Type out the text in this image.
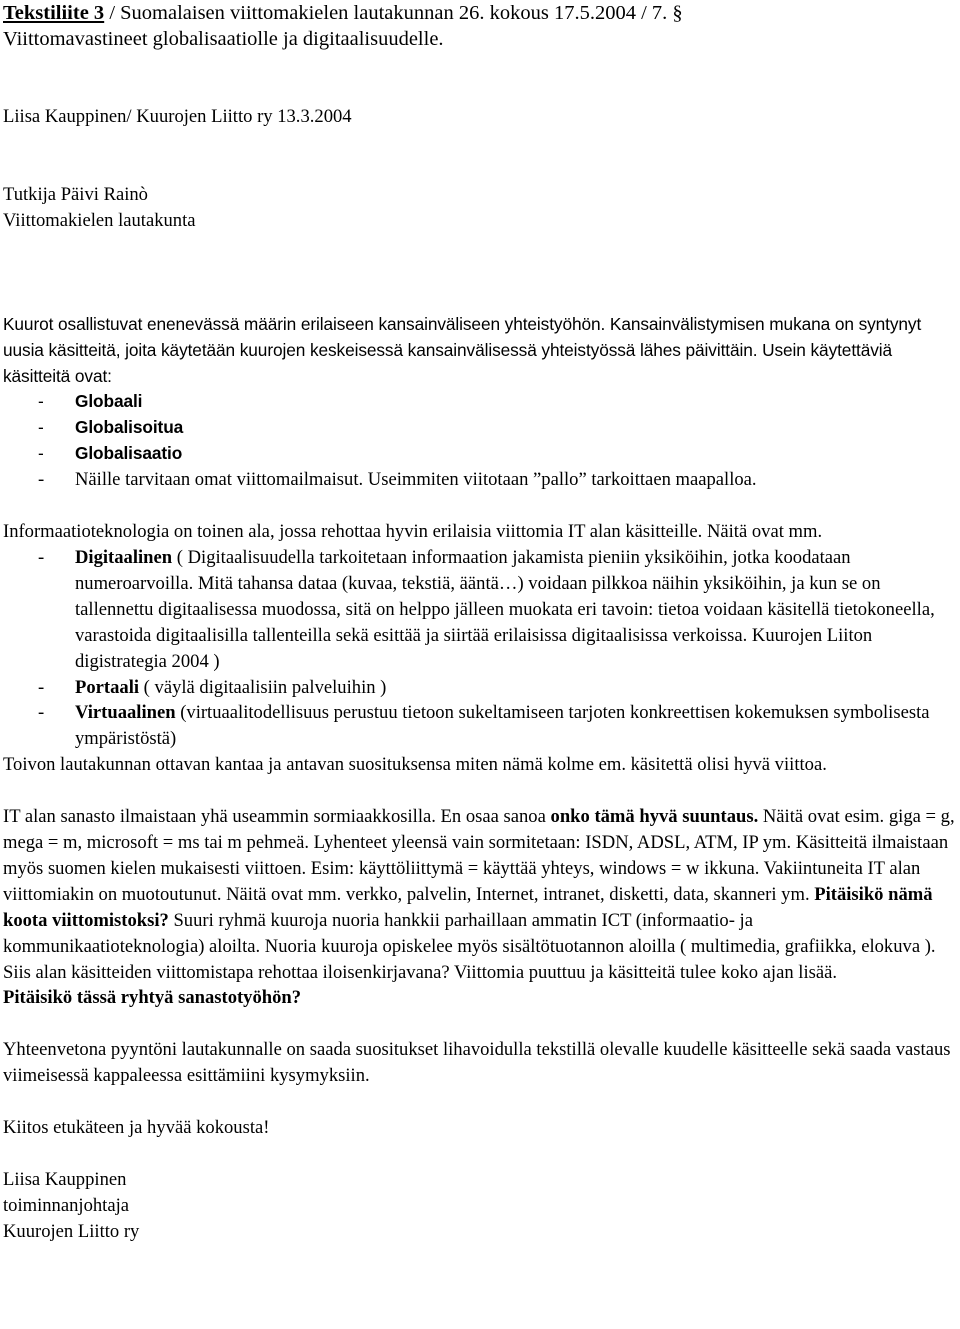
Tekstiliite 3 / Suomalaisen viittomakielen lautakunnan 26. kokous 17.5.2004 / 7. §
Viittomavastineet globalisaatiolle ja digitaalisuudelle.
Liisa Kauppinen/ Kuurojen Liitto ry 13.3.2004
Tutkija Päivi Rainò
Viittomakielen lautakunta
Kuurot osallistuvat enenevässä määrin erilaiseen kansainväliseen yhteistyöhön. Kansainvälistymisen mukana on syntynyt uusia käsitteitä, joita käytetään kuurojen keskeisessä kansainvälisessä yhteistyössä lähes päivittäin. Usein käytettäviä käsitteitä ovat:
-	Globaali
-	Globalisoitua
-	Globalisaatio
-	Näille tarvitaan omat viittomailmaisut. Useimmiten viitotaan ”pallo” tarkoittaen maapalloa.
Informaatioteknologia on toinen ala, jossa rehottaa hyvin erilaisia viittomia IT alan käsitteille. Näitä ovat mm.
-	Digitaalinen ( Digitaalisuudella tarkoitetaan informaation jakamista pieniin yksiköihin, jotka koodataan numeroarvoilla. Mitä tahansa dataa (kuvaa, tekstiä, ääntä…) voidaan pilkkoa näihin yksiköihin, ja kun se on tallennettu digitaalisessa muodossa, sitä on helppo jälleen muokata eri tavoin: tietoa voidaan käsitellä tietokoneella, varastoida digitaalisilla tallenteilla sekä esittää ja siirtää erilaisissa digitaalisissa verkoissa. Kuurojen Liiton digistrategia 2004 )
-	Portaali ( väylä digitaalisiin palveluihin )
-	Virtuaalinen (virtuaalitodellisuus perustuu tietoon sukeltamiseen tarjoten konkreettisen kokemuksen symbolisesta ympäristöstä)
Toivon lautakunnan ottavan kantaa ja antavan suosituksensa miten nämä kolme em. käsitettä olisi hyvä viittoa.
IT alan sanasto ilmaistaan yhä useammin sormiaakkosilla. En osaa sanoa onko tämä hyvä suuntaus. Näitä ovat esim. giga = g, mega = m, microsoft = ms tai m pehmeä. Lyhenteet yleensä vain sormitetaan: ISDN, ADSL, ATM, IP ym. Käsitteitä ilmaistaan myös suomen kielen mukaisesti viittoen. Esim: käyttöliittymä = käyttää yhteys, windows = w ikkuna. Vakiintuneita IT alan viittomiakin on muotoutunut. Näitä ovat mm. verkko, palvelin, Internet, intranet, disketti, data, skanneri ym. Pitäisikö nämä koota viittomistoksi? Suuri ryhmä kuuroja nuoria hankkii parhaillaan ammatin ICT (informaatio- ja kommunikaatioteknologia) aloilta. Nuoria kuuroja opiskelee myös sisältötuotannon aloilla ( multimedia, grafiikka, elokuva ). Siis alan käsitteiden viittomistapa rehottaa iloisenkirjavana? Viittomia puuttuu ja käsitteitä tulee koko ajan lisää.
Pitäisikö tässä ryhtyä sanastotyöhön?
Yhteenvetona pyyntöni lautakunnalle on saada suositukset lihavoidulla tekstillä olevalle kuudelle käsitteelle sekä saada vastaus viimeisessä kappaleessa esittämiini kysymyksiin.
Kiitos etukäteen ja hyvää kokousta!
Liisa Kauppinen
toiminnanjohtaja
Kuurojen Liitto ry
